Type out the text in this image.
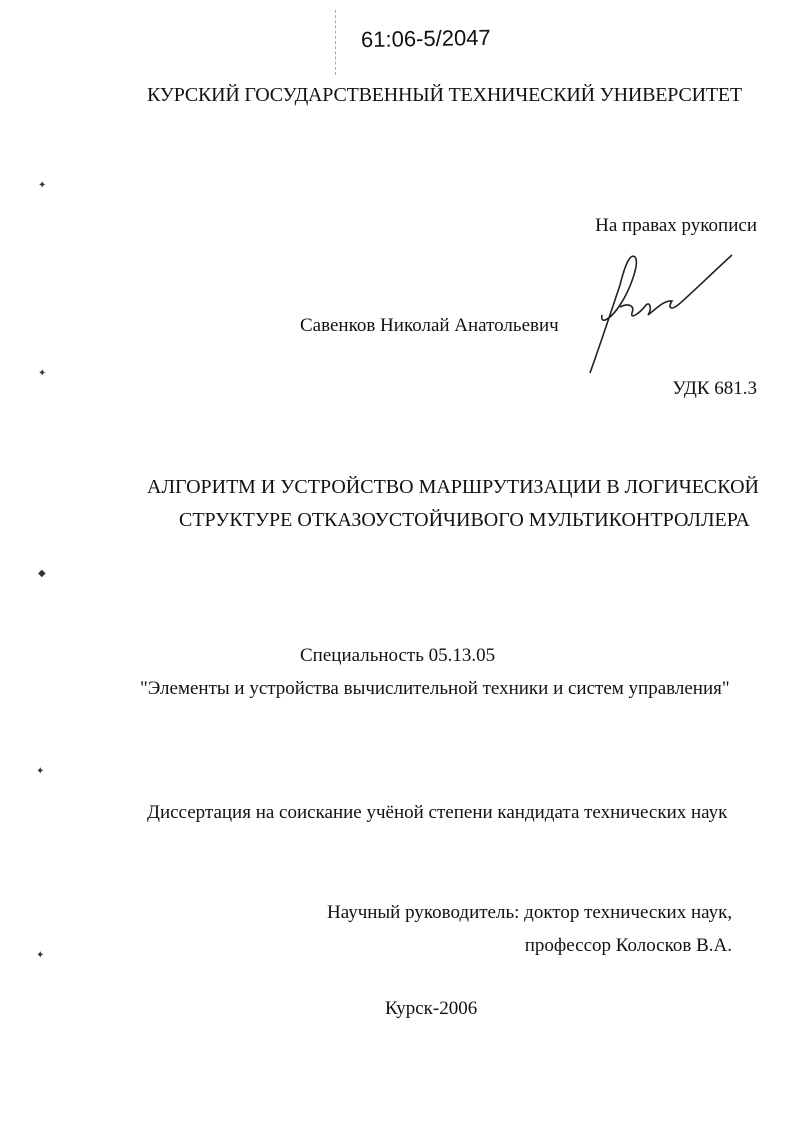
61:06-5/2047
КУРСКИЙ ГОСУДАРСТВЕННЫЙ ТЕХНИЧЕСКИЙ УНИВЕРСИТЕТ
На правах рукописи
Савенков Николай Анатольевич
УДК 681.3
АЛГОРИТМ И УСТРОЙСТВО МАРШРУТИЗАЦИИ В ЛОГИЧЕСКОЙ
СТРУКТУРЕ ОТКАЗОУСТОЙЧИВОГО МУЛЬТИКОНТРОЛЛЕРА
Специальность 05.13.05
"Элементы и устройства вычислительной техники и систем управления"
Диссертация на соискание учёной степени кандидата технических наук
Научный руководитель: доктор технических наук,
профессор Колосков В.А.
Курск-2006
✦
✦
◆
✦
✦
